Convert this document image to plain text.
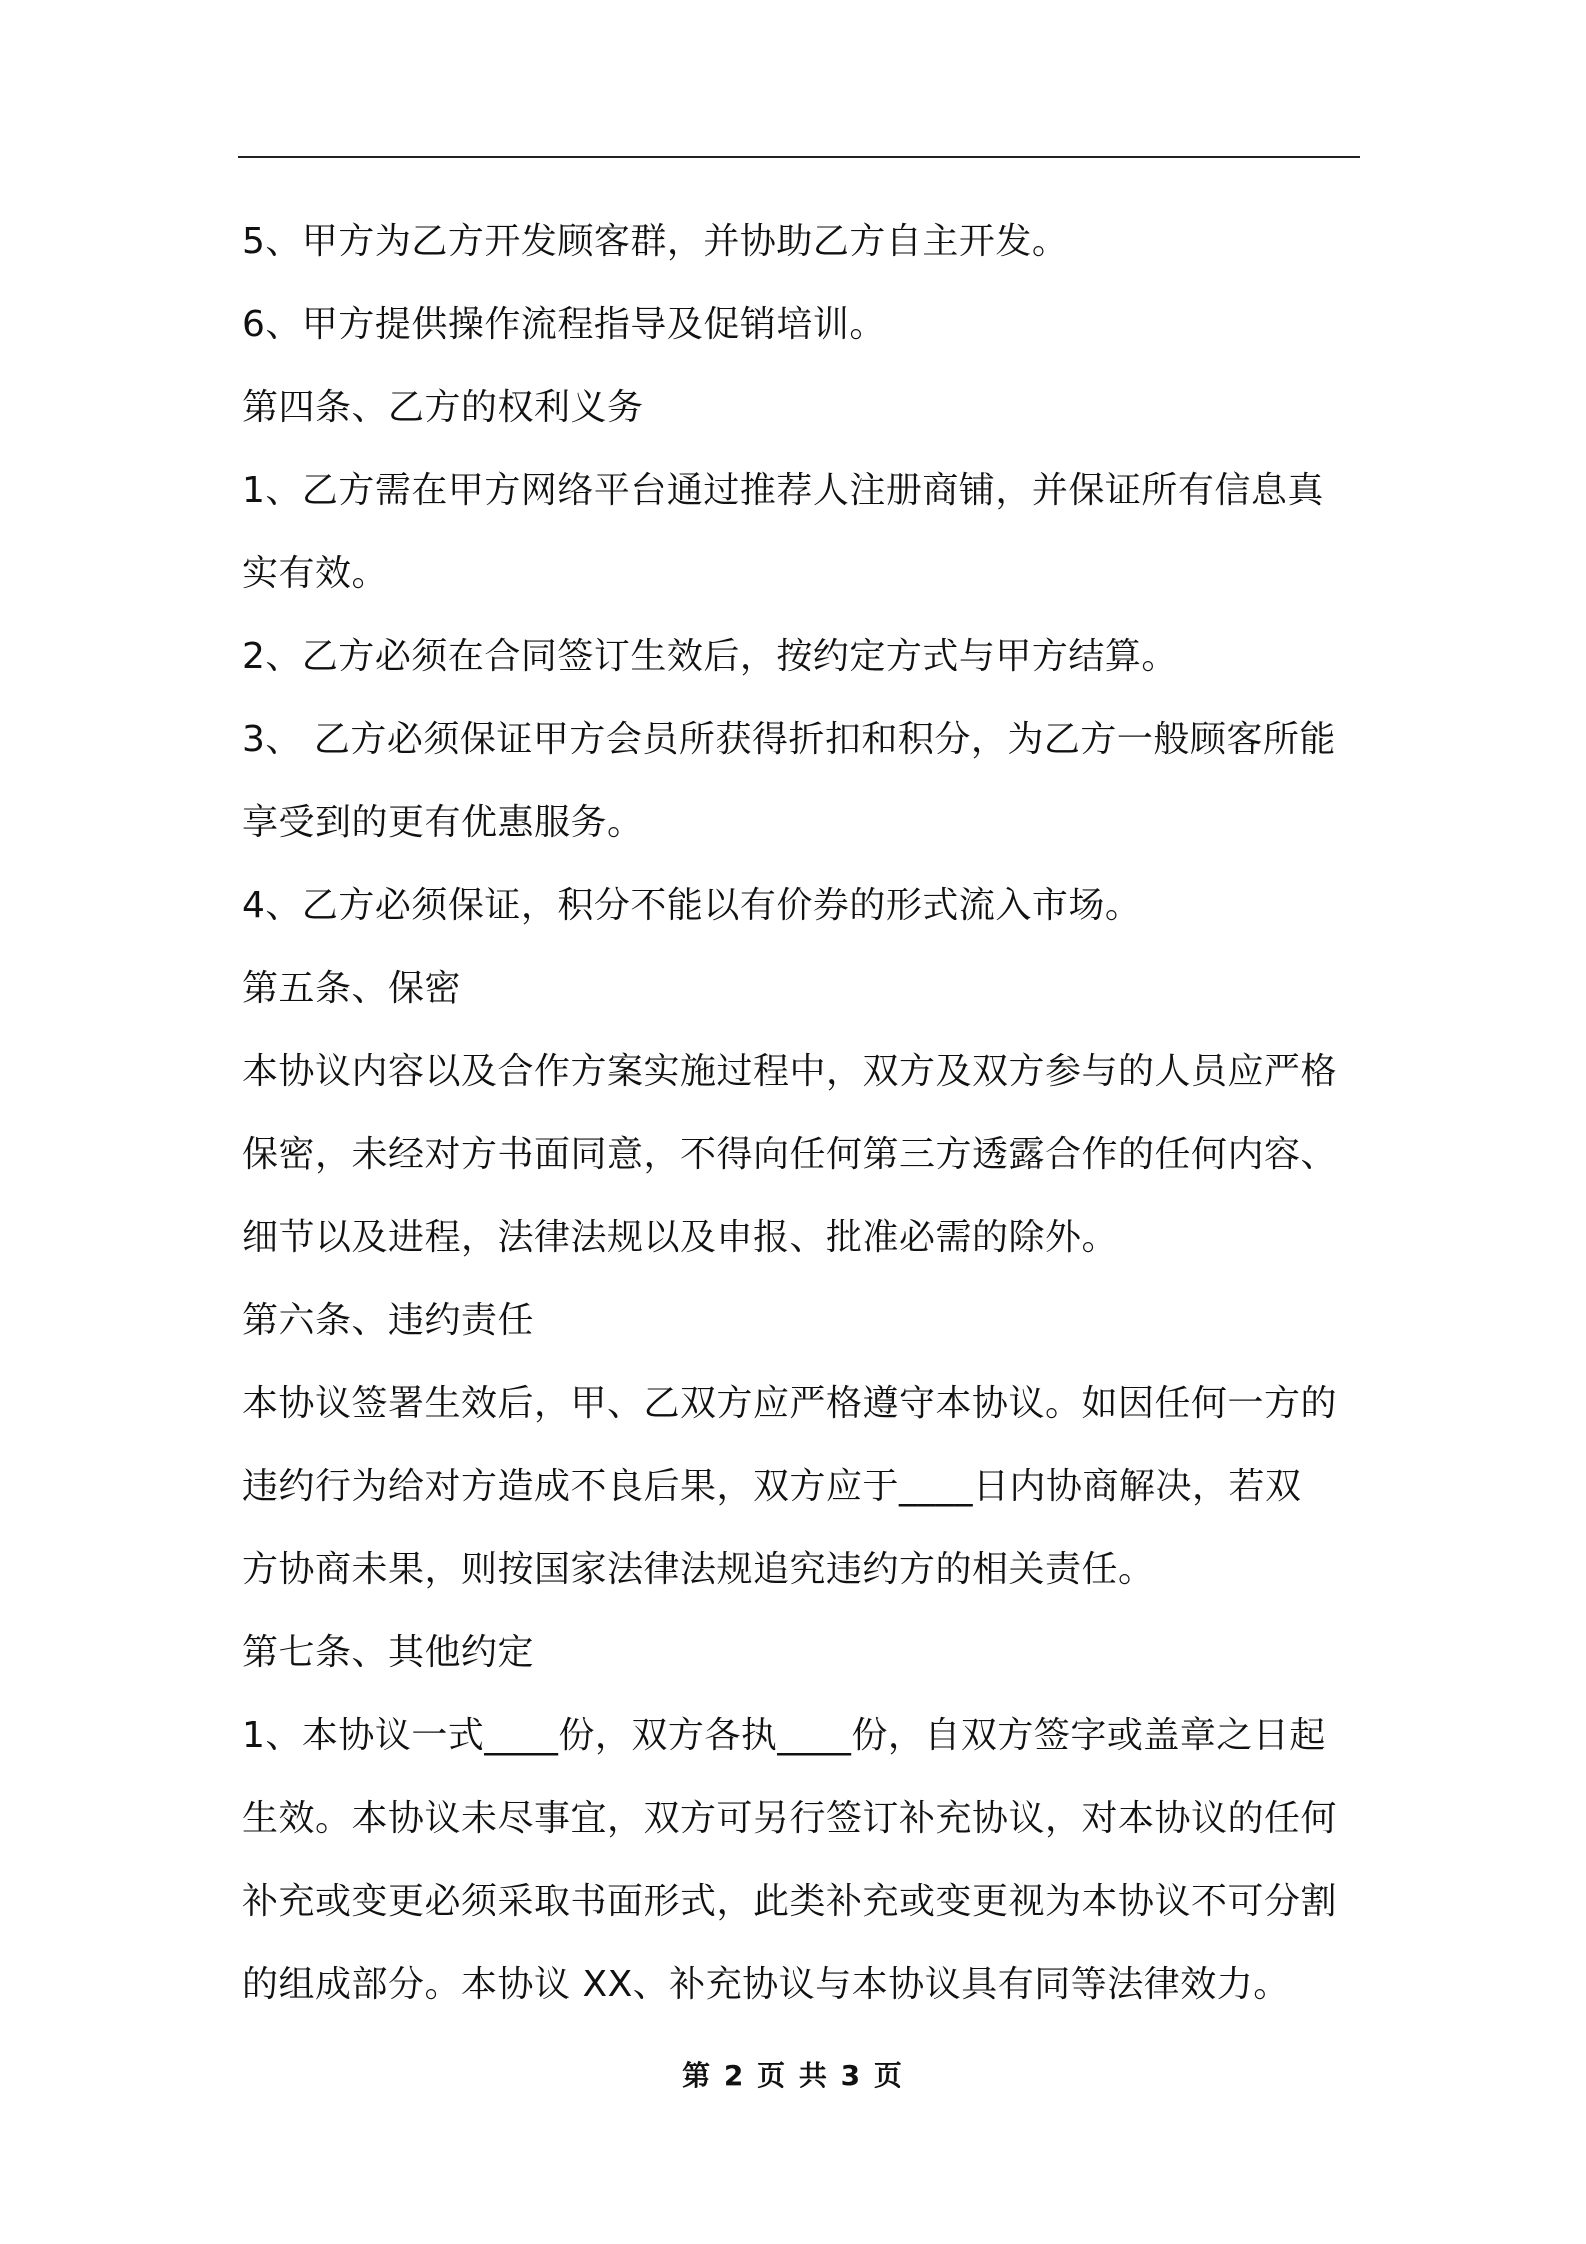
5、甲方为乙方开发顾客群，并协助乙方自主开发。
6、甲方提供操作流程指导及促销培训。
第四条、乙方的权利义务
1、乙方需在甲方网络平台通过推荐人注册商铺，并保证所有信息真
实有效。
2、乙方必须在合同签订生效后，按约定方式与甲方结算。
3、 乙方必须保证甲方会员所获得折扣和积分，为乙方一般顾客所能
享受到的更有优惠服务。
4、乙方必须保证，积分不能以有价券的形式流入市场。
第五条、保密
本协议内容以及合作方案实施过程中，双方及双方参与的人员应严格
保密，未经对方书面同意，不得向任何第三方透露合作的任何内容、
细节以及进程，法律法规以及申报、批准必需的除外。
第六条、违约责任
本协议签署生效后，甲、乙双方应严格遵守本协议。如因任何一方的
违约行为给对方造成不良后果，双方应于____日内协商解决，若双
方协商未果，则按国家法律法规追究违约方的相关责任。
第七条、其他约定
1、本协议一式____份，双方各执____份，自双方签字或盖章之日起
生效。本协议未尽事宜，双方可另行签订补充协议，对本协议的任何
补充或变更必须采取书面形式，此类补充或变更视为本协议不可分割
的组成部分。本协议 XX、补充协议与本协议具有同等法律效力。
第 2 页 共 3 页
